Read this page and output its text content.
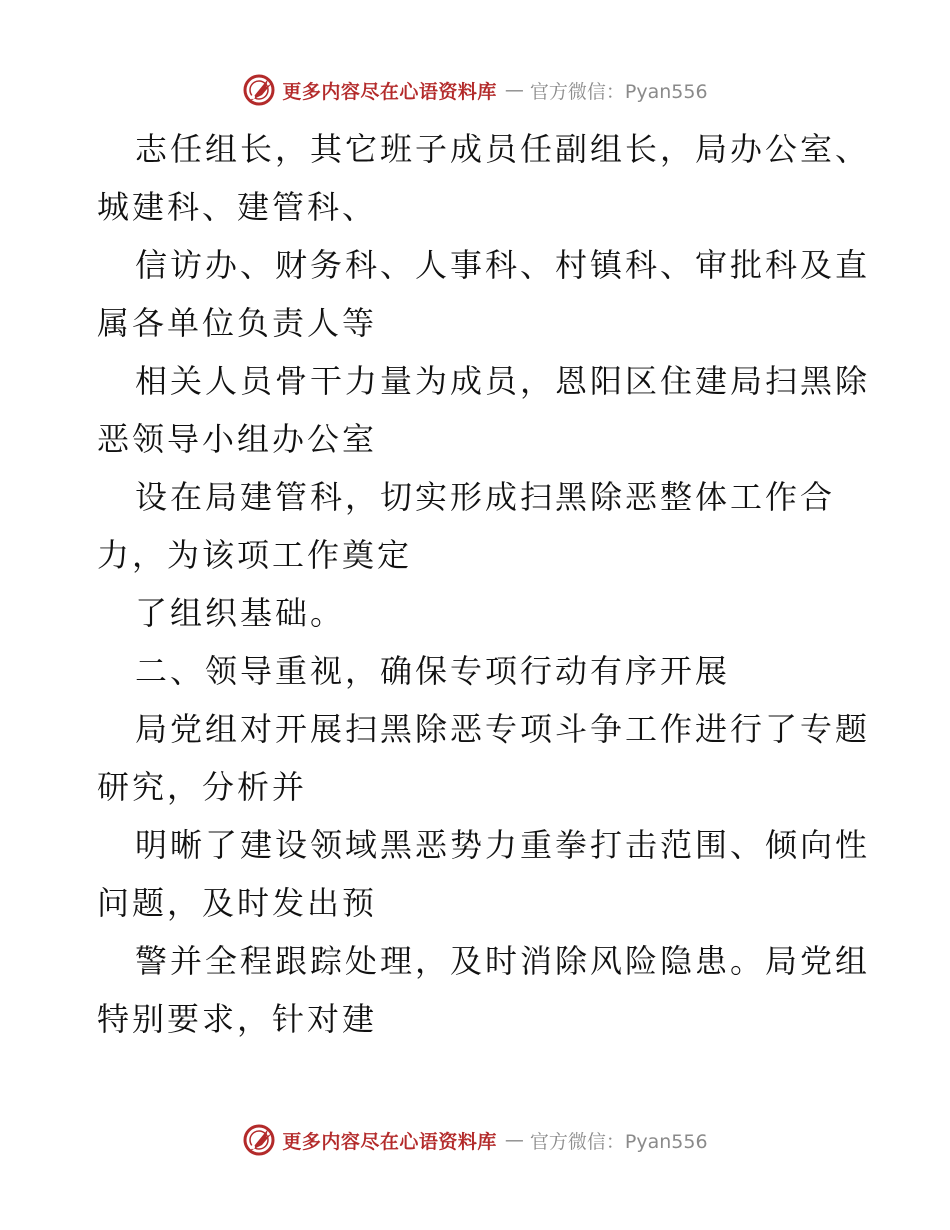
更多内容尽在心语资料库 — 官方微信：Pyan556
志任组长，其它班子成员任副组长，局办公室、
城建科、建管科、
信访办、财务科、人事科、村镇科、审批科及直
属各单位负责人等
相关人员骨干力量为成员，恩阳区住建局扫黑除
恶领导小组办公室
设在局建管科，切实形成扫黑除恶整体工作合
力，为该项工作奠定
了组织基础。
二、领导重视，确保专项行动有序开展
局党组对开展扫黑除恶专项斗争工作进行了专题
研究，分析并
明晰了建设领域黑恶势力重拳打击范围、倾向性
问题，及时发出预
警并全程跟踪处理，及时消除风险隐患。局党组
特别要求，针对建
更多内容尽在心语资料库 — 官方微信：Pyan556
